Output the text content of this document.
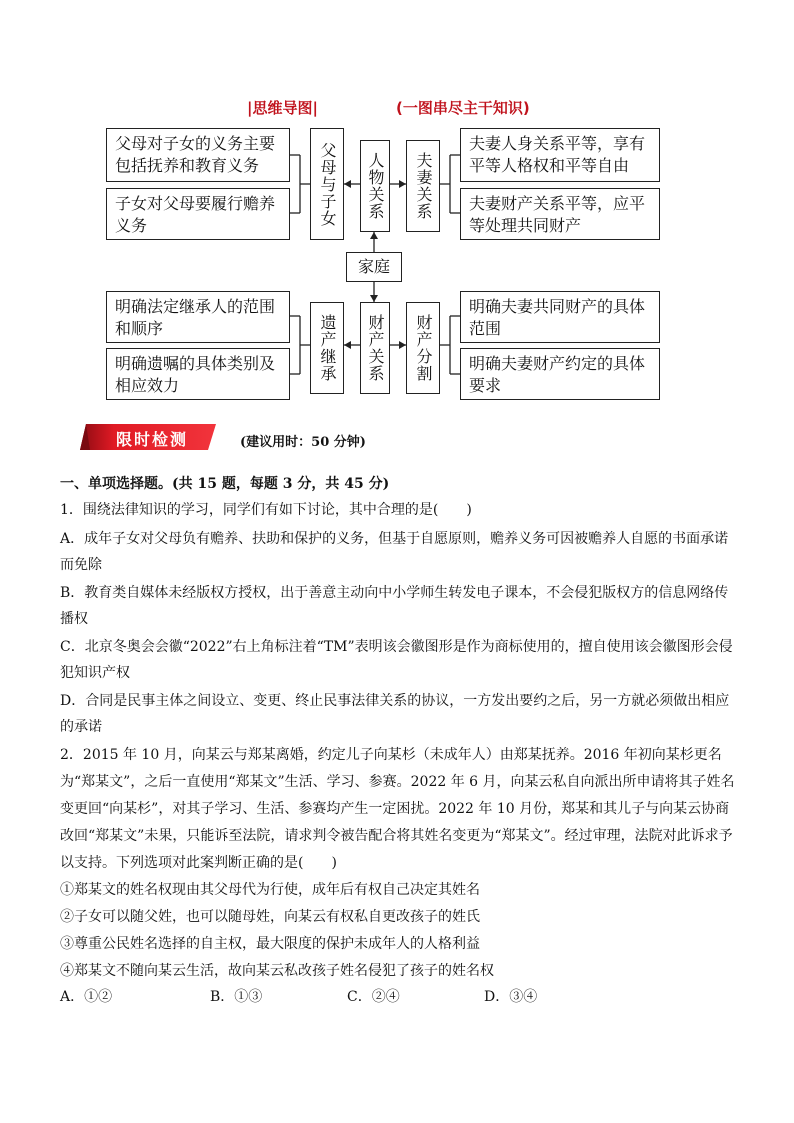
|思维导图|	(一图串尽主干知识)
父母对子女的义务主要包括抚养和教育义务
子女对父母要履行赡养义务
明确法定继承人的范围和顺序
明确遗嘱的具体类别及相应效力
夫妻人身关系平等，享有平等人格权和平等自由
夫妻财产关系平等，应平等处理共同财产
明确夫妻共同财产的具体范围
明确夫妻财产约定的具体要求
父母与子女	人物关系	夫妻关系
家庭
遗产继承	财产关系	财产分割
限时检测	(建议用时：50 分钟)
一、单项选择题。(共 15 题，每题 3 分，共 45 分)
1．围绕法律知识的学习，同学们有如下讨论，其中合理的是(　　)
A．成年子女对父母负有赡养、扶助和保护的义务，但基于自愿原则，赡养义务可因被赡养人自愿的书面承诺而免除
B．教育类自媒体未经版权方授权，出于善意主动向中小学师生转发电子课本，不会侵犯版权方的信息网络传播权
C．北京冬奥会会徽“2022”右上角标注着“TM”表明该会徽图形是作为商标使用的，擅自使用该会徽图形会侵犯知识产权
D．合同是民事主体之间设立、变更、终止民事法律关系的协议，一方发出要约之后，另一方就必须做出相应的承诺
2．2015 年 10 月，向某云与郑某离婚，约定儿子向某杉（未成年人）由郑某抚养。2016 年初向某杉更名为“郑某文”，之后一直使用“郑某文”生活、学习、参赛。2022 年 6 月，向某云私自向派出所申请将其子姓名变更回“向某杉”，对其子学习、生活、参赛均产生一定困扰。2022 年 10 月份，郑某和其儿子与向某云协商改回“郑某文”未果，只能诉至法院，请求判令被告配合将其姓名变更为“郑某文”。经过审理，法院对此诉求予以支持。下列选项对此案判断正确的是(　　)
①郑某文的姓名权现由其父母代为行使，成年后有权自己决定其姓名
②子女可以随父姓，也可以随母姓，向某云有权私自更改孩子的姓氏
③尊重公民姓名选择的自主权，最大限度的保护未成年人的人格利益
④郑某文不随向某云生活，故向某云私改孩子姓名侵犯了孩子的姓名权
A．①②	B．①③	C．②④	D．③④
